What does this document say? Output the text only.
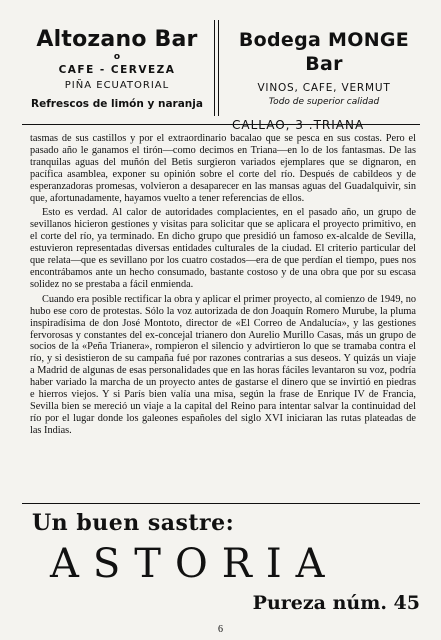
Altozano Bar
o
CAFE - CERVEZA
PIÑA ECUATORIAL
Refrescos de limón y naranja
Bodega MONGE Bar
VINOS, CAFE, VERMUT
Todo de superior calidad
CALLAO, 3 .TRIANA

tasmas de sus castillos y por el extraordinario bacalao que se pesca en sus costas. Pero el pasado año le ganamos el tirón—como decimos en Triana—en lo de los fantasmas. De las tranquilas aguas del muñón del Betis surgieron variados ejemplares que se dignaron, en pacífica asamblea, exponer su opinión sobre el corte del río. Después de cabildeos y de esperanzadoras promesas, volvieron a desaparecer en las mansas aguas del Guadalquivir, sin que, afortunadamente, hayamos vuelto a tener referencias de ellos.

Esto es verdad. Al calor de autoridades complacientes, en el pasado año, un grupo de sevillanos hicieron gestiones y visitas para solicitar que se aplicara el proyecto primitivo, en el corte del río, ya terminado. En dicho grupo que presidió un famoso ex-alcalde de Sevilla, estuvieron representadas diversas entidades culturales de la ciudad. El criterio particular del que relata—que es sevillano por los cuatro costados—era de que perdían el tiempo, pues nos encontrábamos ante un hecho consumado, bastante costoso y de una obra que por su escasa solidez no se prestaba a fácil enmienda.

Cuando era posible rectificar la obra y aplicar el primer proyecto, al comienzo de 1949, no hubo ese coro de protestas. Sólo la voz autorizada de don Joaquín Romero Murube, la pluma inspiradísima de don José Montoto, director de «El Correo de Andalucía», y las gestiones fervorosas y constantes del ex-concejal trianero don Aurelio Murillo Casas, más un grupo de socios de la «Peña Trianera», rompieron el silencio y advirtieron lo que se tramaba contra el río, y si desistieron de su campaña fué por razones contrarias a sus deseos. Y quizás un viaje a Madrid de algunas de esas personalidades que en las horas fáciles levantaron su voz, podría haber variado la marcha de un proyecto antes de gastarse el dinero que se invirtió en piedras e hierros viejos. Y si París bien valía una misa, según la frase de Enrique IV de Francia, Sevilla bien se mereció un viaje a la capital del Reino para intentar salvar la continuidad del río por el lugar donde los galeones españoles del siglo XVI iniciaran las rutas plateadas de las Indias.

Un buen sastre:
ASTORIA
Pureza núm. 45
6
